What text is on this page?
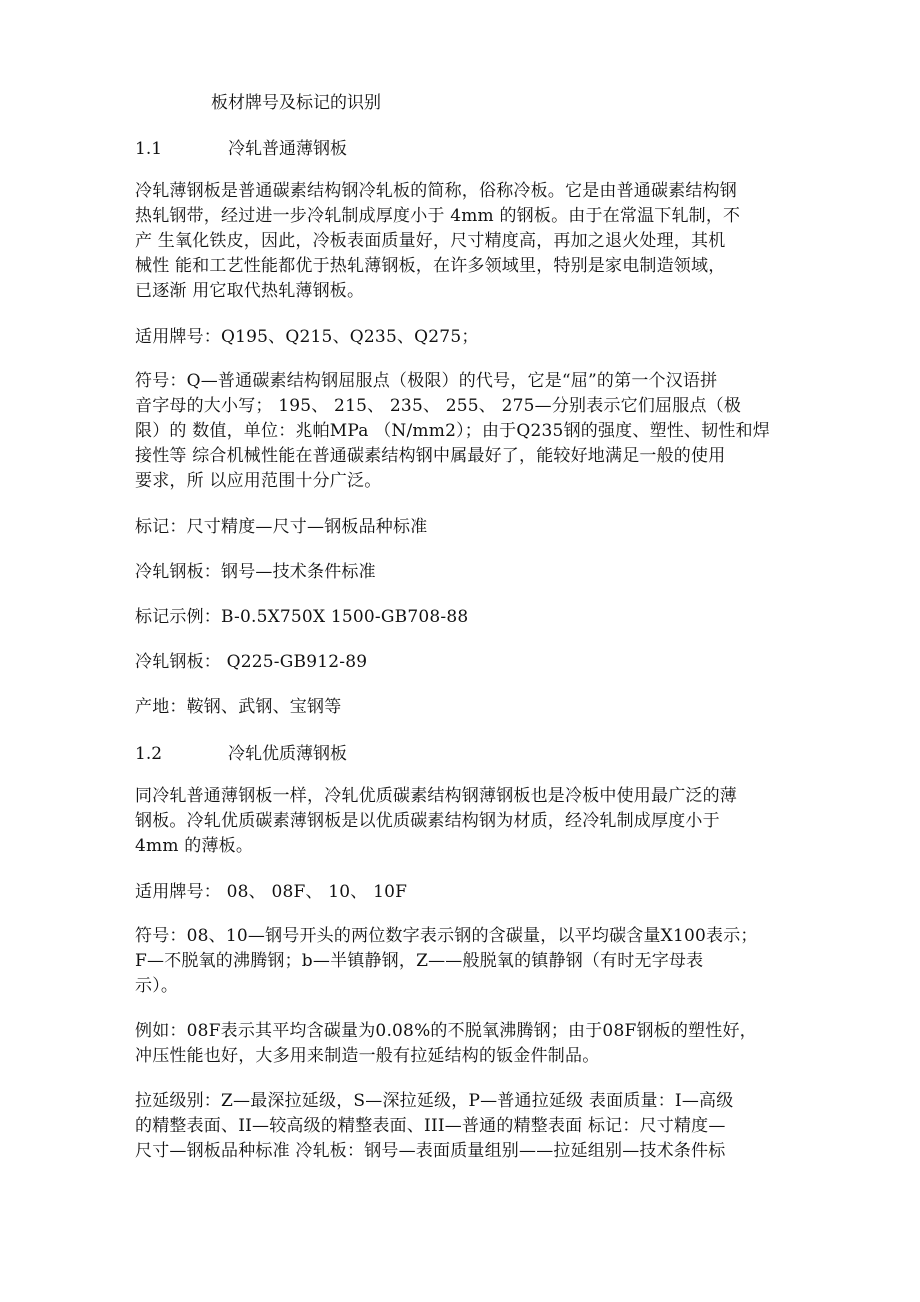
板材牌号及标记的识别
1.1	冷轧普通薄钢板

冷轧薄钢板是普通碳素结构钢冷轧板的简称，俗称冷板。它是由普通碳素结构钢
热轧钢带，经过进一步冷轧制成厚度小于 4mm 的钢板。由于在常温下轧制，不
产 生氧化铁皮，因此，冷板表面质量好，尺寸精度高，再加之退火处理，其机
械性 能和工艺性能都优于热轧薄钢板，在许多领域里，特别是家电制造领域，
已逐渐 用它取代热轧薄钢板。

适用牌号：Q195、Q215、Q235、Q275；

符号：Q—普通碳素结构钢屈服点（极限）的代号，它是“屈”的第一个汉语拼
音字母的大小写； 195、 215、 235、 255、 275—分别表示它们屈服点（极
限）的 数值，单位：兆帕MPa （N/mm2）；由于Q235钢的强度、塑性、韧性和焊
接性等 综合机械性能在普通碳素结构钢中属最好了，能较好地满足一般的使用
要求，所 以应用范围十分广泛。

标记：尺寸精度—尺寸—钢板品种标准

冷轧钢板：钢号—技术条件标准

标记示例：B-0.5X750X 1500-GB708-88

冷轧钢板： Q225-GB912-89

产地：鞍钢、武钢、宝钢等

1.2	冷轧优质薄钢板

同冷轧普通薄钢板一样，冷轧优质碳素结构钢薄钢板也是冷板中使用最广泛的薄
钢板。冷轧优质碳素薄钢板是以优质碳素结构钢为材质，经冷轧制成厚度小于
4mm 的薄板。

适用牌号： 08、 08F、 10、 10F

符号：08、10—钢号开头的两位数字表示钢的含碳量，以平均碳含量X100表示；
F—不脱氧的沸腾钢；b—半镇静钢，Z——般脱氧的镇静钢（有时无字母表
示）。

例如：08F表示其平均含碳量为0.08%的不脱氧沸腾钢；由于08F钢板的塑性好，
冲压性能也好，大多用来制造一般有拉延结构的钣金件制品。

拉延级别：Z—最深拉延级，S—深拉延级，P—普通拉延级 表面质量：I—高级
的精整表面、II—较高级的精整表面、III—普通的精整表面 标记：尺寸精度—
尺寸—钢板品种标准 冷轧板：钢号—表面质量组别——拉延组别—技术条件标
